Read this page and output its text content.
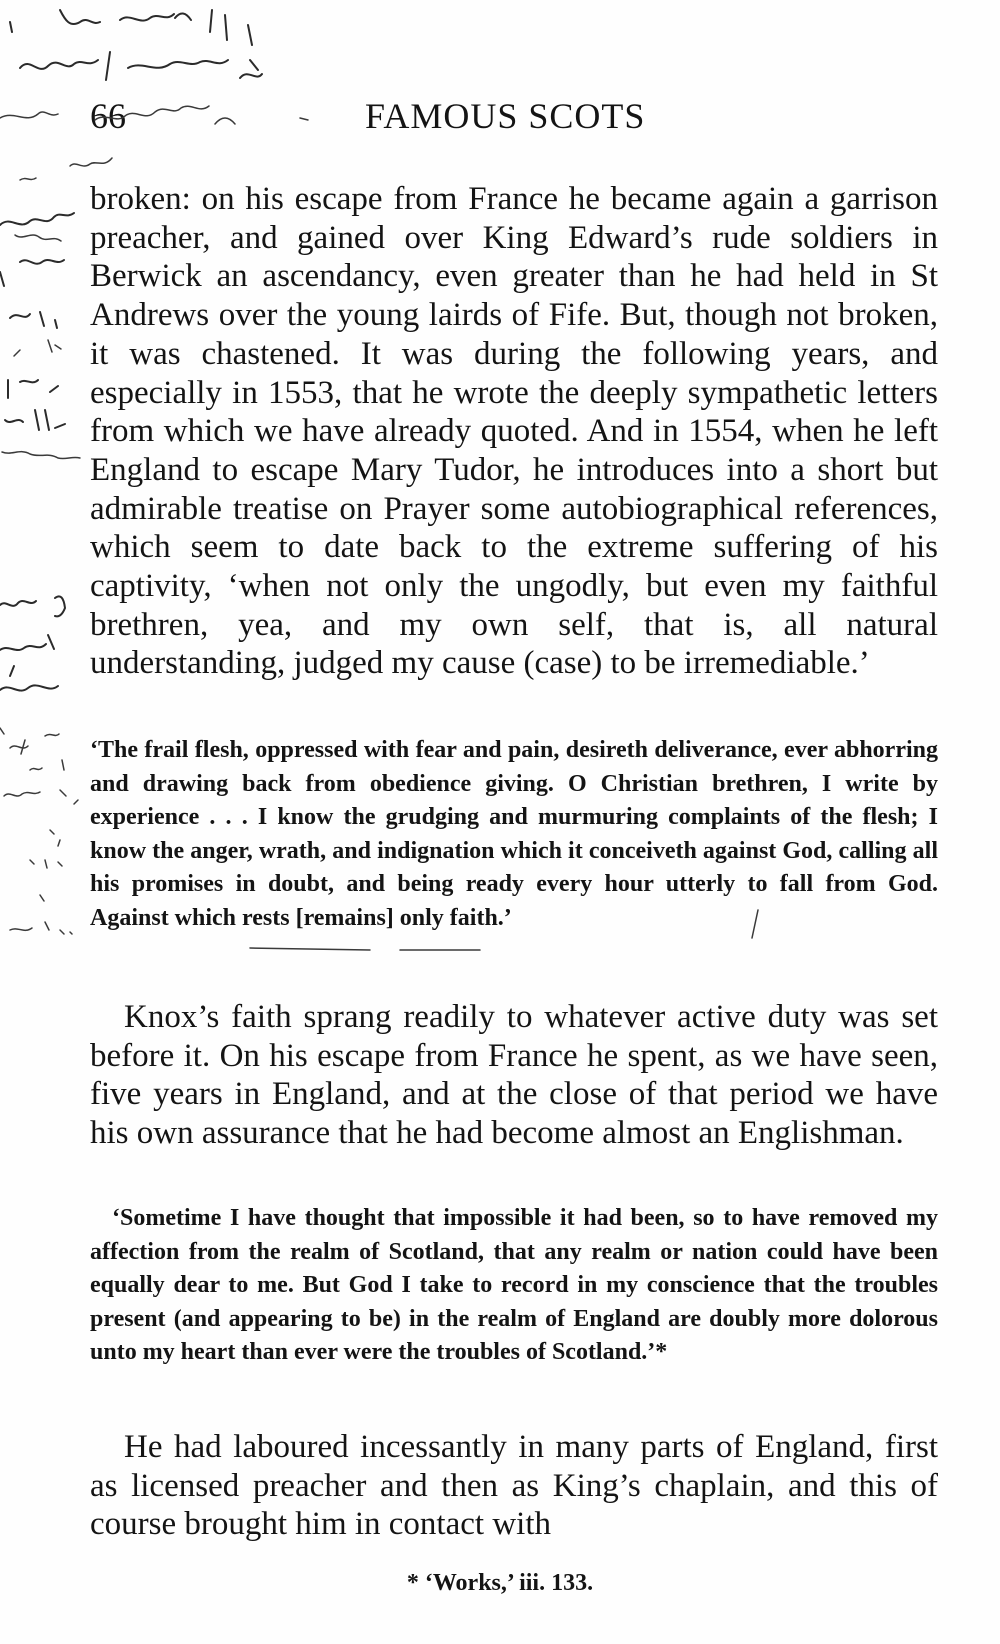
66	FAMOUS SCOTS

broken: on his escape from France he became again a garrison preacher, and gained over King Edward’s rude soldiers in Berwick an ascendancy, even greater than he had held in St Andrews over the young lairds of Fife. But, though not broken, it was chastened. It was during the following years, and especially in 1553, that he wrote the deeply sympathetic letters from which we have already quoted. And in 1554, when he left England to escape Mary Tudor, he introduces into a short but admirable treatise on Prayer some autobiographical references, which seem to date back to the extreme suffering of his captivity, ‘when not only the ungodly, but even my faithful brethren, yea, and my own self, that is, all natural understanding, judged my cause (case) to be irremediable.’

‘The frail flesh, oppressed with fear and pain, desireth deliverance, ever abhorring and drawing back from obedience giving. O Christian brethren, I write by experience . . . I know the grudging and murmuring complaints of the flesh; I know the anger, wrath, and indignation which it conceiveth against God, calling all his promises in doubt, and being ready every hour utterly to fall from God. Against which rests [remains] only faith.’

Knox’s faith sprang readily to whatever active duty was set before it. On his escape from France he spent, as we have seen, five years in England, and at the close of that period we have his own assurance that he had become almost an Englishman.

‘Sometime I have thought that impossible it had been, so to have removed my affection from the realm of Scotland, that any realm or nation could have been equally dear to me. But God I take to record in my conscience that the troubles present (and appearing to be) in the realm of England are doubly more dolorous unto my heart than ever were the troubles of Scotland.’*

He had laboured incessantly in many parts of England, first as licensed preacher and then as King’s chaplain, and this of course brought him in contact with

* ‘Works,’ iii. 133.
